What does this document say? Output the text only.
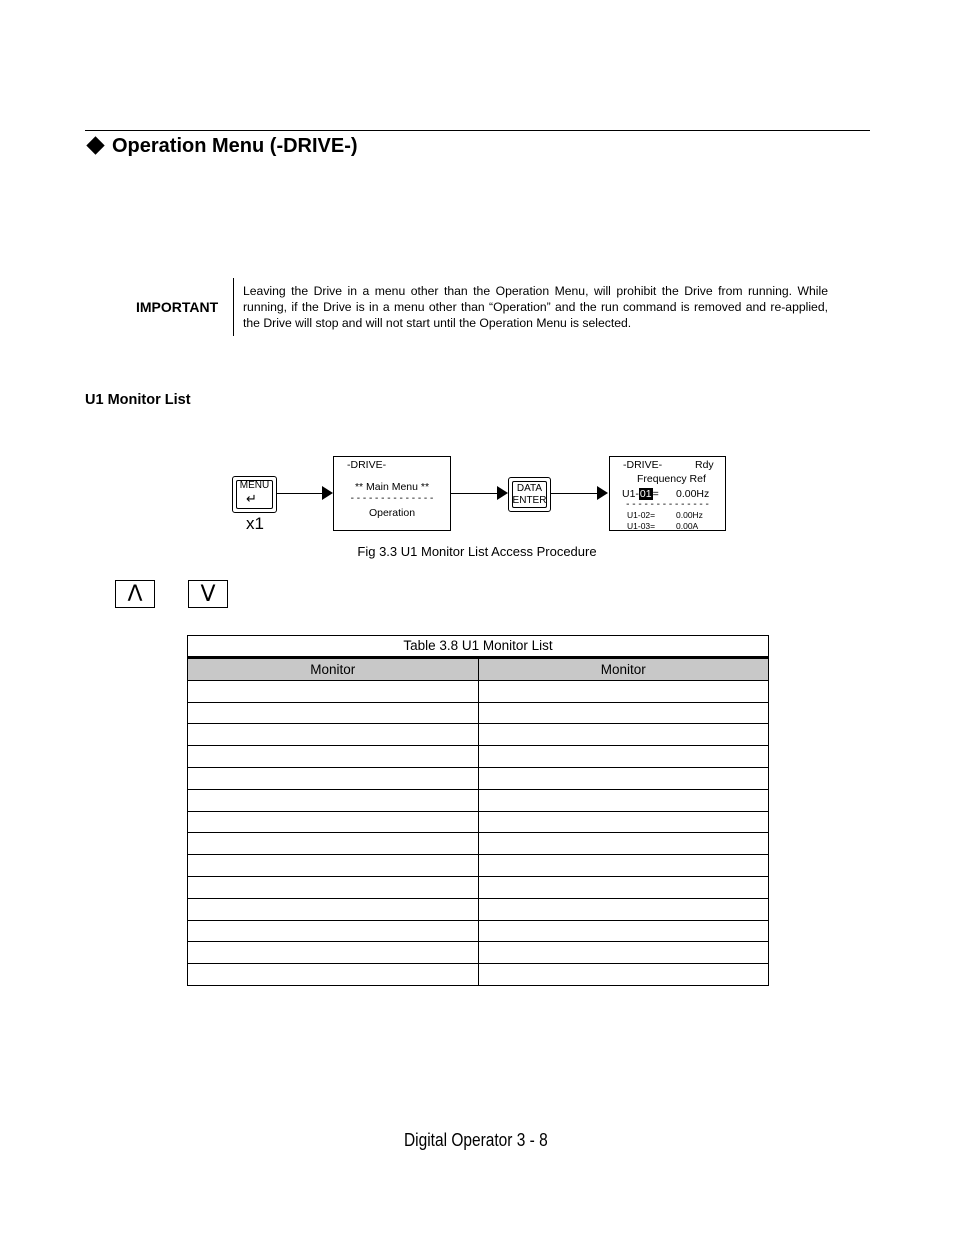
Operation Menu (-DRIVE-)
IMPORTANT
Leaving the Drive in a menu other than the Operation Menu, will prohibit the Drive from running. While running, if the Drive is in a menu other than “Operation” and the run command is removed and re-applied, the Drive will stop and will not start until the Operation Menu is selected.
U1 Monitor List
MENU
↵
x1
-DRIVE-
** Main Menu **
- - - - - - - - - - - - - -
Operation
DATA
ENTER
-DRIVE-	Rdy
Frequency Ref
U1-01= 0.00Hz
- - - - - - - - - - - - - -
U1-02= 0.00Hz
U1-03= 0.00A
Fig 3.3 U1 Monitor List Access Procedure
Λ	V
Table 3.8 U1 Monitor List
Monitor	Monitor

Digital Operator 3 - 8
